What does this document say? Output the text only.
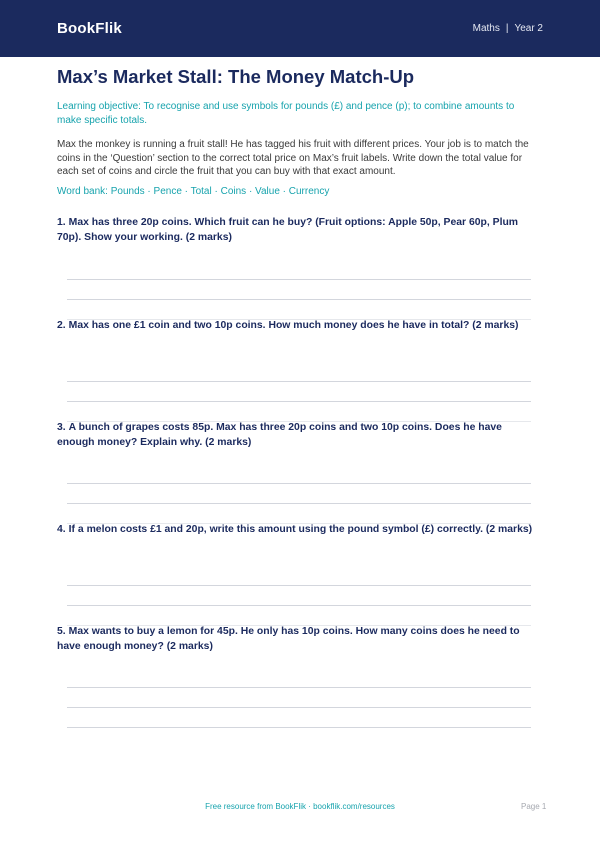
BookFlik	Maths | Year 2
Max’s Market Stall: The Money Match-Up

Learning objective: To recognise and use symbols for pounds (£) and pence (p); to combine amounts to make specific totals.

Max the monkey is running a fruit stall! He has tagged his fruit with different prices. Your job is to match the coins in the ‘Question’ section to the correct total price on Max’s fruit labels. Write down the total value for each set of coins and circle the fruit that you can buy with that exact amount.

Word bank: Pounds · Pence · Total · Coins · Value · Currency

1. Max has three 20p coins. Which fruit can he buy? (Fruit options: Apple 50p, Pear 60p, Plum 70p). Show your working. (2 marks)
2. Max has one £1 coin and two 10p coins. How much money does he have in total? (2 marks)
3. A bunch of grapes costs 85p. Max has three 20p coins and two 10p coins. Does he have enough money? Explain why. (2 marks)
4. If a melon costs £1 and 20p, write this amount using the pound symbol (£) correctly. (2 marks)
5. Max wants to buy a lemon for 45p. He only has 10p coins. How many coins does he need to have enough money? (2 marks)
Free resource from BookFlik · bookflik.com/resources	Page 1
